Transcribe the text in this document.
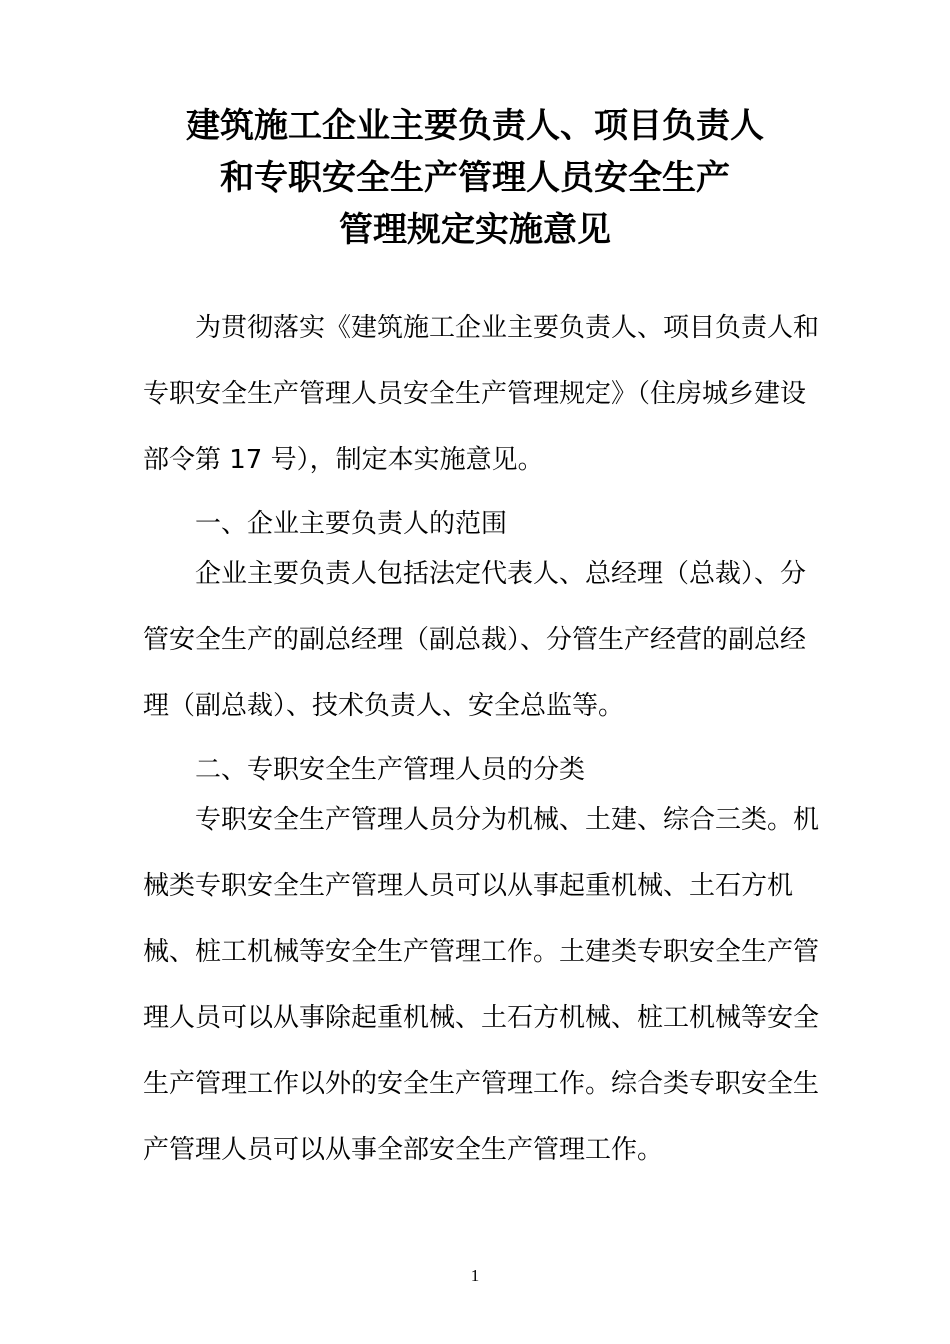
建筑施工企业主要负责人、项目负责人
和专职安全生产管理人员安全生产
管理规定实施意见
为贯彻落实《建筑施工企业主要负责人、项目负责人和
专职安全生产管理人员安全生产管理规定》（住房城乡建设
部令第 17 号），制定本实施意见。
一、企业主要负责人的范围
企业主要负责人包括法定代表人、总经理（总裁）、分
管安全生产的副总经理（副总裁）、分管生产经营的副总经
理（副总裁）、技术负责人、安全总监等。
二、专职安全生产管理人员的分类
专职安全生产管理人员分为机械、土建、综合三类。机
械类专职安全生产管理人员可以从事起重机械、土石方机
械、桩工机械等安全生产管理工作。土建类专职安全生产管
理人员可以从事除起重机械、土石方机械、桩工机械等安全
生产管理工作以外的安全生产管理工作。综合类专职安全生
产管理人员可以从事全部安全生产管理工作。
1
